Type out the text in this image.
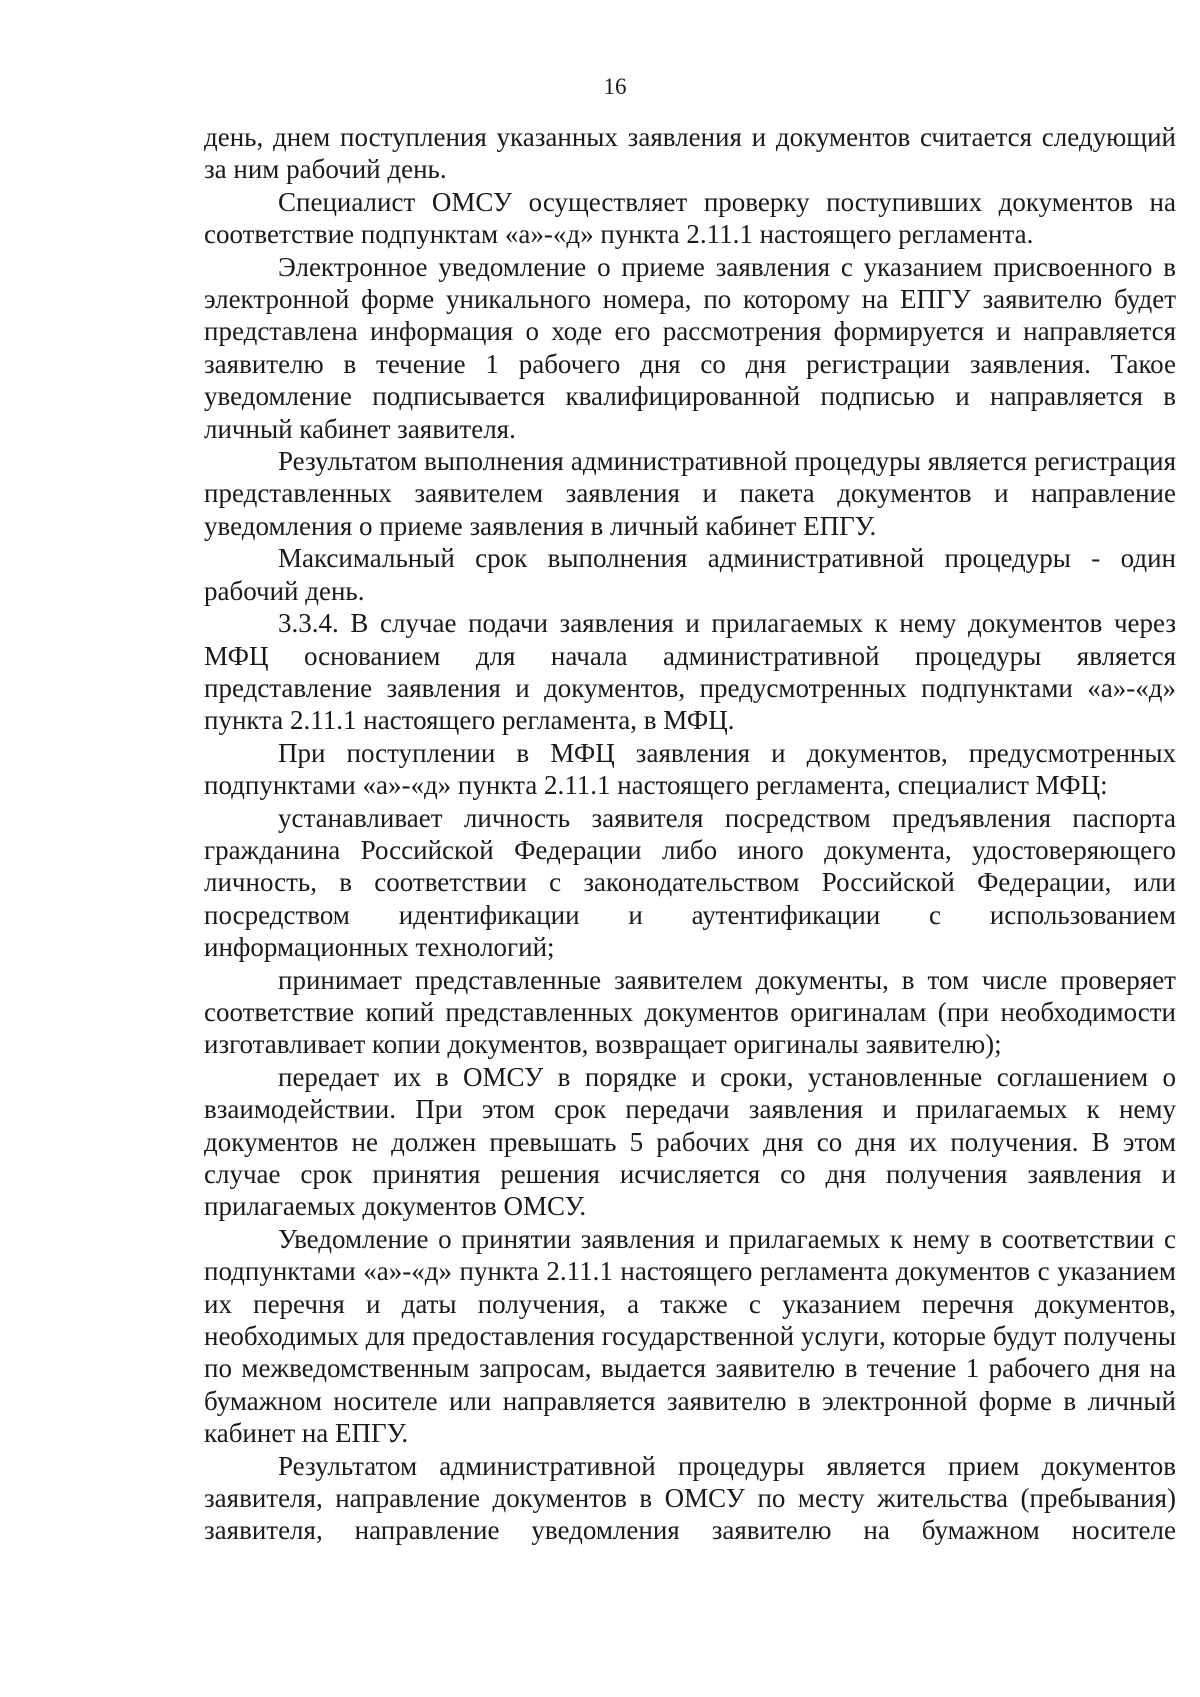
16

день, днем поступления указанных заявления и документов считается следующий за ним рабочий день.

Специалист ОМСУ осуществляет проверку поступивших документов на соответствие подпунктам «а»-«д» пункта 2.11.1 настоящего регламента.

Электронное уведомление о приеме заявления с указанием присвоенного в электронной форме уникального номера, по которому на ЕПГУ заявителю будет представлена информация о ходе его рассмотрения формируется и направляется заявителю в течение 1 рабочего дня со дня регистрации заявления. Такое уведомление подписывается квалифицированной подписью и направляется в личный кабинет заявителя.

Результатом выполнения административной процедуры является регистрация представленных заявителем заявления и пакета документов и направление уведомления о приеме заявления в личный кабинет ЕПГУ.

Максимальный срок выполнения административной процедуры - один рабочий день.

3.3.4. В случае подачи заявления и прилагаемых к нему документов через МФЦ основанием для начала административной процедуры является представление заявления и документов, предусмотренных подпунктами «а»-«д» пункта 2.11.1 настоящего регламента, в МФЦ.

При поступлении в МФЦ заявления и документов, предусмотренных подпунктами «а»-«д» пункта 2.11.1 настоящего регламента, специалист МФЦ:

устанавливает личность заявителя посредством предъявления паспорта гражданина Российской Федерации либо иного документа, удостоверяющего личность, в соответствии с законодательством Российской Федерации, или посредством идентификации и аутентификации с использованием информационных технологий;

принимает представленные заявителем документы, в том числе проверяет соответствие копий представленных документов оригиналам (при необходимости изготавливает копии документов, возвращает оригиналы заявителю);

передает их в ОМСУ в порядке и сроки, установленные соглашением о взаимодействии. При этом срок передачи заявления и прилагаемых к нему документов не должен превышать 5 рабочих дня со дня их получения. В этом случае срок принятия решения исчисляется со дня получения заявления и прилагаемых документов ОМСУ.

Уведомление о принятии заявления и прилагаемых к нему в соответствии с подпунктами «а»-«д» пункта 2.11.1 настоящего регламента документов с указанием их перечня и даты получения, а также с указанием перечня документов, необходимых для предоставления государственной услуги, которые будут получены по межведомственным запросам, выдается заявителю в течение 1 рабочего дня на бумажном носителе или направляется заявителю в электронной форме в личный кабинет на ЕПГУ.

Результатом административной процедуры является прием документов заявителя, направление документов в ОМСУ по месту жительства (пребывания) заявителя, направление уведомления заявителю на бумажном носителе
